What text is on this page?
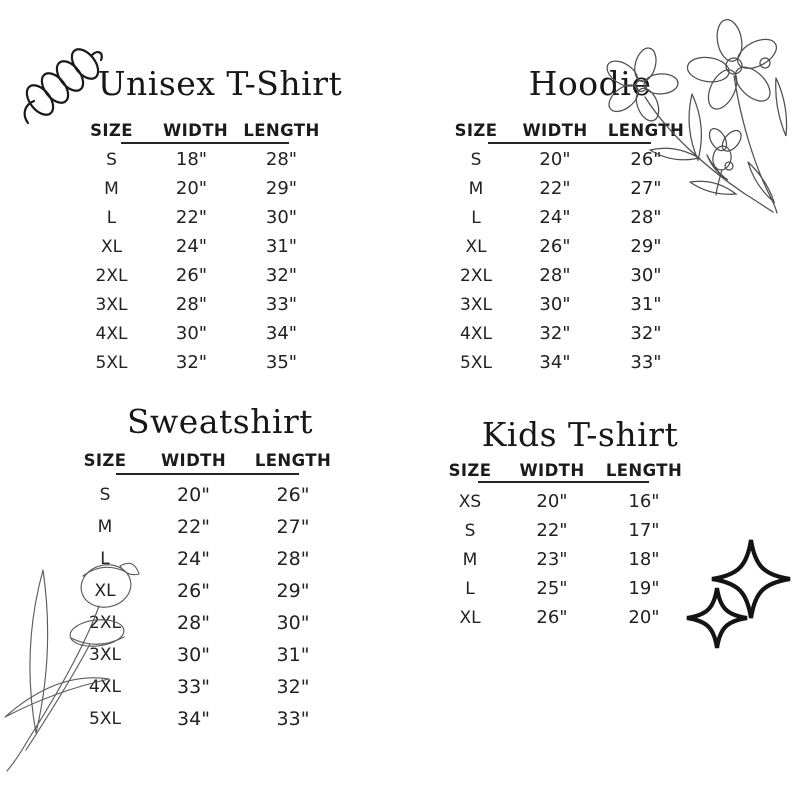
Unisex T-Shirt
SIZE	WIDTH LENGTH
S	18"	28"
M	20"	29"
L	22"	30"
XL	24"	31"
2XL	26"	32"
3XL	28"	33"
4XL	30"	34"
5XL	32"	35"
Hoodie
SIZE	WIDTH	LENGTH
S	20"	26"
M	22"	27"
L	24"	28"
XL	26"	29"
2XL	28"	30"
3XL	30"	31"
4XL	32"	32"
5XL	34"	33"
Sweatshirt
SIZE	WIDTH	LENGTH
S	20"	26"
M	22"	27"
L	24"	28"
XL	26"	29"
2XL	28"	30"
3XL	30"	31"
4XL	33"	32"
5XL	34"	33"
Kids T-shirt
SIZE	WIDTH	LENGTH
XS	20"	16"
S	22"	17"
M	23"	18"
L	25"	19"
XL	26"	20"
